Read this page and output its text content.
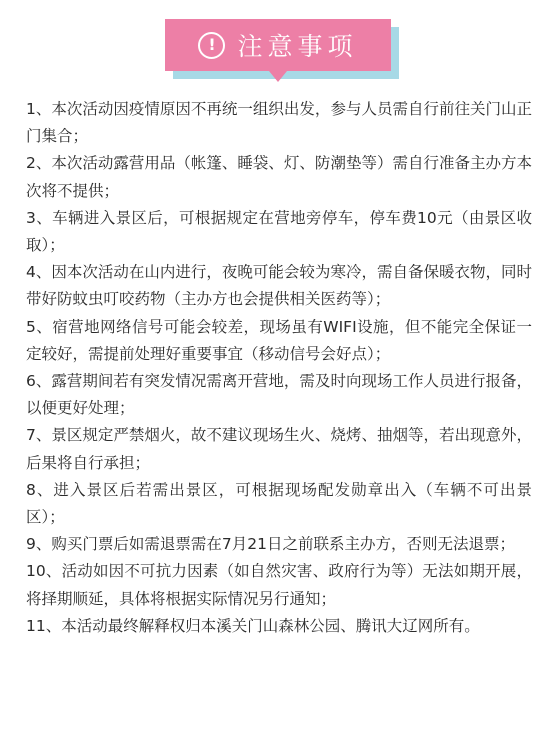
! 注意事项
1、本次活动因疫情原因不再统一组织出发，参与人员需自行前往关门山正门集合；
2、本次活动露营用品（帐篷、睡袋、灯、防潮垫等）需自行准备主办方本次将不提供；
3、车辆进入景区后，可根据规定在营地旁停车，停车费10元（由景区收取）；
4、因本次活动在山内进行，夜晚可能会较为寒冷，需自备保暖衣物，同时带好防蚊虫叮咬药物（主办方也会提供相关医药等）；
5、宿营地网络信号可能会较差，现场虽有WIFI设施，但不能完全保证一定较好，需提前处理好重要事宜（移动信号会好点）；
6、露营期间若有突发情况需离开营地，需及时向现场工作人员进行报备，以便更好处理；
7、景区规定严禁烟火，故不建议现场生火、烧烤、抽烟等，若出现意外，后果将自行承担；
8、进入景区后若需出景区，可根据现场配发勋章出入（车辆不可出景区）；
9、购买门票后如需退票需在7月21日之前联系主办方，否则无法退票；
10、活动如因不可抗力因素（如自然灾害、政府行为等）无法如期开展，将择期顺延，具体将根据实际情况另行通知；
11、本活动最终解释权归本溪关门山森林公园、腾讯大辽网所有。
